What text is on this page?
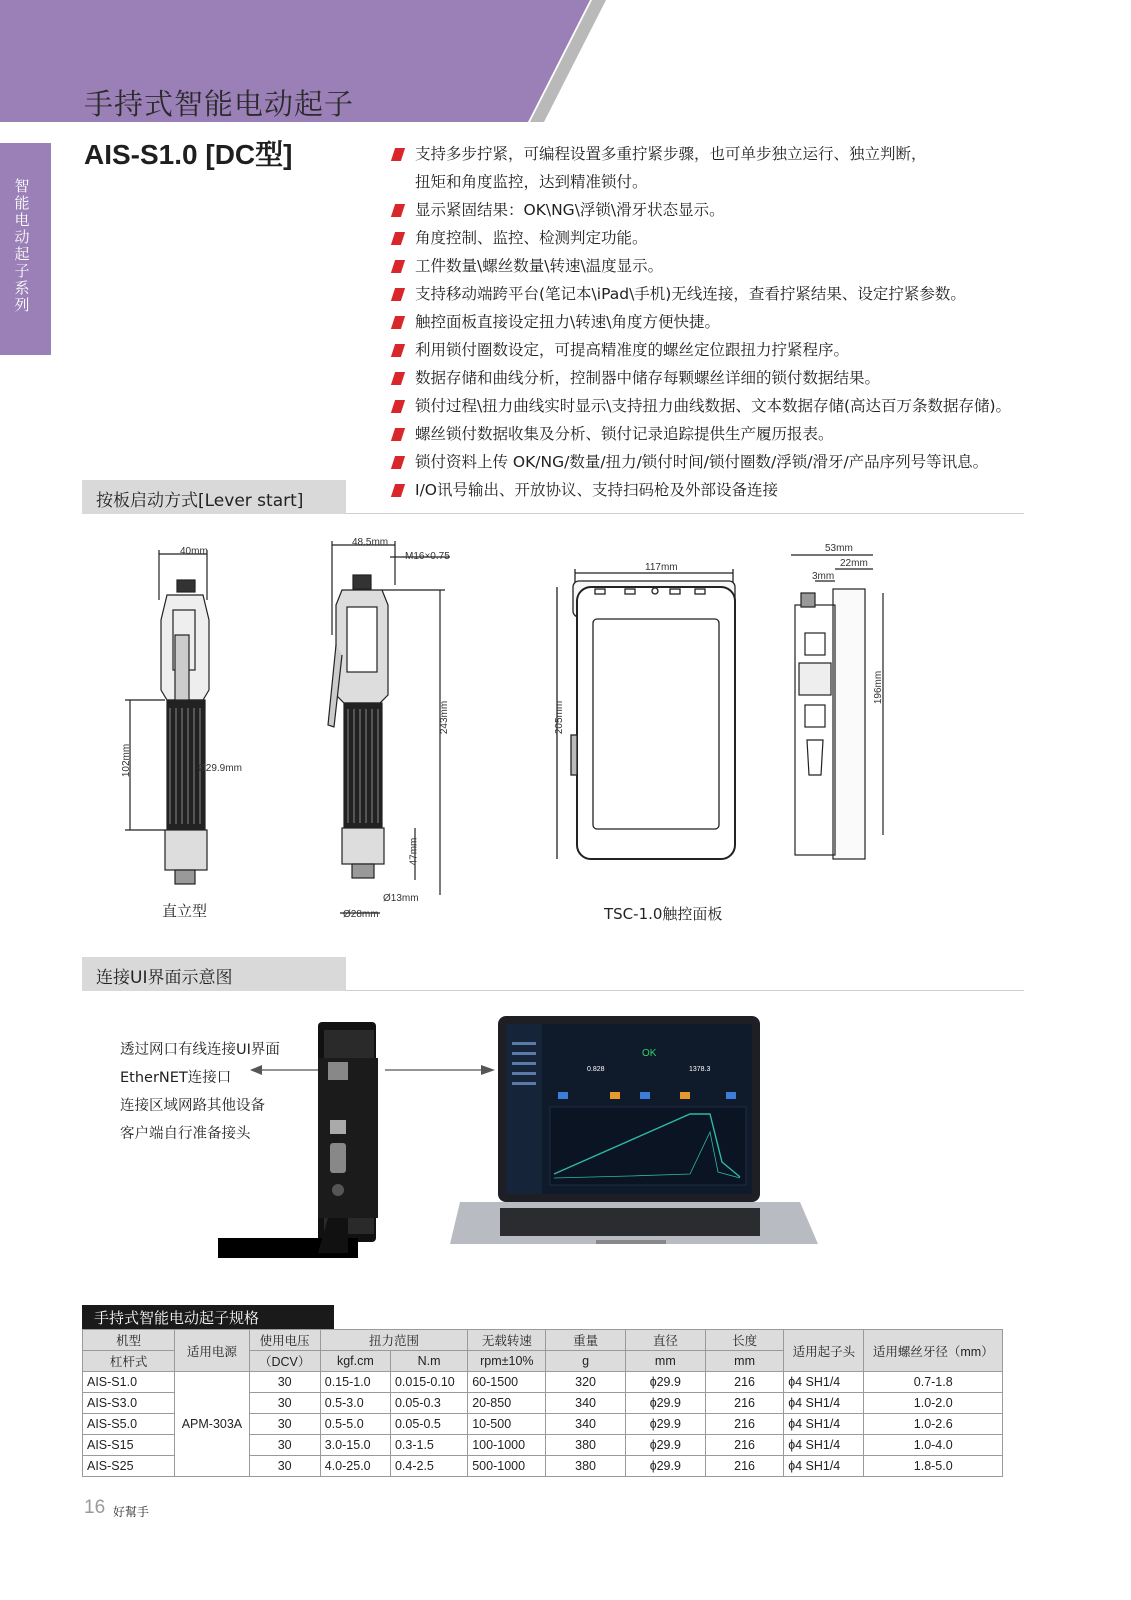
手持式智能电动起子
智能电动起子系列
AIS-S1.0 [DC型]	支持多步拧紧，可编程设置多重拧紧步骤，也可单步独立运行、独立判断，
扭矩和角度监控，达到精准锁付。
显示紧固结果：OK\NG\浮锁\滑牙状态显示。
角度控制、监控、检测判定功能。
工件数量\螺丝数量\转速\温度显示。
支持移动端跨平台(笔记本\iPad\手机)无线连接，查看拧紧结果、设定拧紧参数。
触控面板直接设定扭力\转速\角度方便快捷。
利用锁付圈数设定，可提高精准度的螺丝定位跟扭力拧紧程序。
数据存储和曲线分析，控制器中储存每颗螺丝详细的锁付数据结果。
锁付过程\扭力曲线实时显示\支持扭力曲线数据、文本数据存储(高达百万条数据存储)。
螺丝锁付数据收集及分析、锁付记录追踪提供生产履历报表。
锁付资料上传 OK/NG/数量/扭力/锁付时间/锁付圈数/浮锁/滑牙/产品序列号等讯息。
I/O讯号输出、开放协议、支持扫码枪及外部设备连接
按板启动方式[Lever start]
40mm
102mm	Ø29.9mm
直立型
48.5mm
M16×0.75
243mm
47mm
Ø13mm
Ø28mm
117mm
205mm
TSC-1.0触控面板
53mm
22mm
3mm
196mm
连接UI界面示意图
透过网口有线连接UI界面
EtherNET连接口
连接区域网路其他设备
客户端自行准备接头
OK
0.828	1378.3
手持式智能电动起子规格
机型	适用电源	使用电压	扭力范围		无载转速	重量	直径	长度	适用起子头	适用螺丝牙径（mm）
杠杆式		（DCV）	kgf.cm	N.m	rpm±10%	g	mm	mm		
AIS-S1.0	APM-303A	30	0.15-1.0	0.015-0.10	60-1500	320	ɸ29.9	216	ɸ4 SH1/4	0.7-1.8
AIS-S3.0		30	0.5-3.0	0.05-0.3	20-850	340	ɸ29.9	216	ɸ4 SH1/4	1.0-2.0
AIS-S5.0		30	0.5-5.0	0.05-0.5	10-500	340	ɸ29.9	216	ɸ4 SH1/4	1.0-2.6
AIS-S15		30	3.0-15.0	0.3-1.5	100-1000	380	ɸ29.9	216	ɸ4 SH1/4	1.0-4.0
AIS-S25		30	4.0-25.0	0.4-2.5	500-1000	380	ɸ29.9	216	ɸ4 SH1/4	1.8-5.0
16 好幫手
